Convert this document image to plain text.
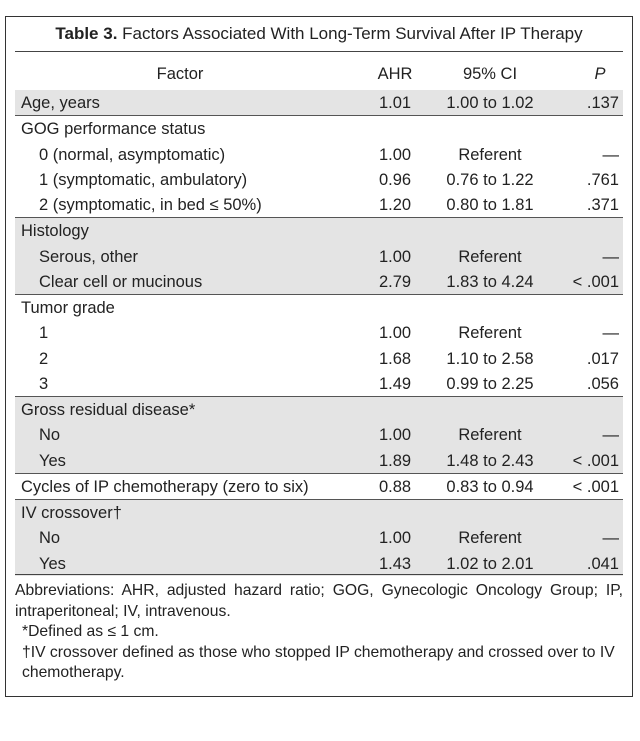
Table 3. Factors Associated With Long-Term Survival After IP Therapy
Factor	AHR	95% CI	P
Age, years	1.01	1.00 to 1.02	.137
GOG performance status
0 (normal, asymptomatic)	1.00	Referent	—
1 (symptomatic, ambulatory)	0.96	0.76 to 1.22	.761
2 (symptomatic, in bed ≤ 50%)	1.20	0.80 to 1.81	.371
Histology
Serous, other	1.00	Referent	—
Clear cell or mucinous	2.79	1.83 to 4.24	< .001
Tumor grade
1	1.00	Referent	—
2	1.68	1.10 to 2.58	.017
3	1.49	0.99 to 2.25	.056
Gross residual disease*
No	1.00	Referent	—
Yes	1.89	1.48 to 2.43	< .001
Cycles of IP chemotherapy (zero to six)	0.88	0.83 to 0.94	< .001
IV crossover†
No	1.00	Referent	—
Yes	1.43	1.02 to 2.01	.041

Abbreviations: AHR, adjusted hazard ratio; GOG, Gynecologic Oncology Group; IP, intraperitoneal; IV, intravenous.

*Defined as ≤ 1 cm.

†IV crossover defined as those who stopped IP chemotherapy and crossed over to IV chemotherapy.
